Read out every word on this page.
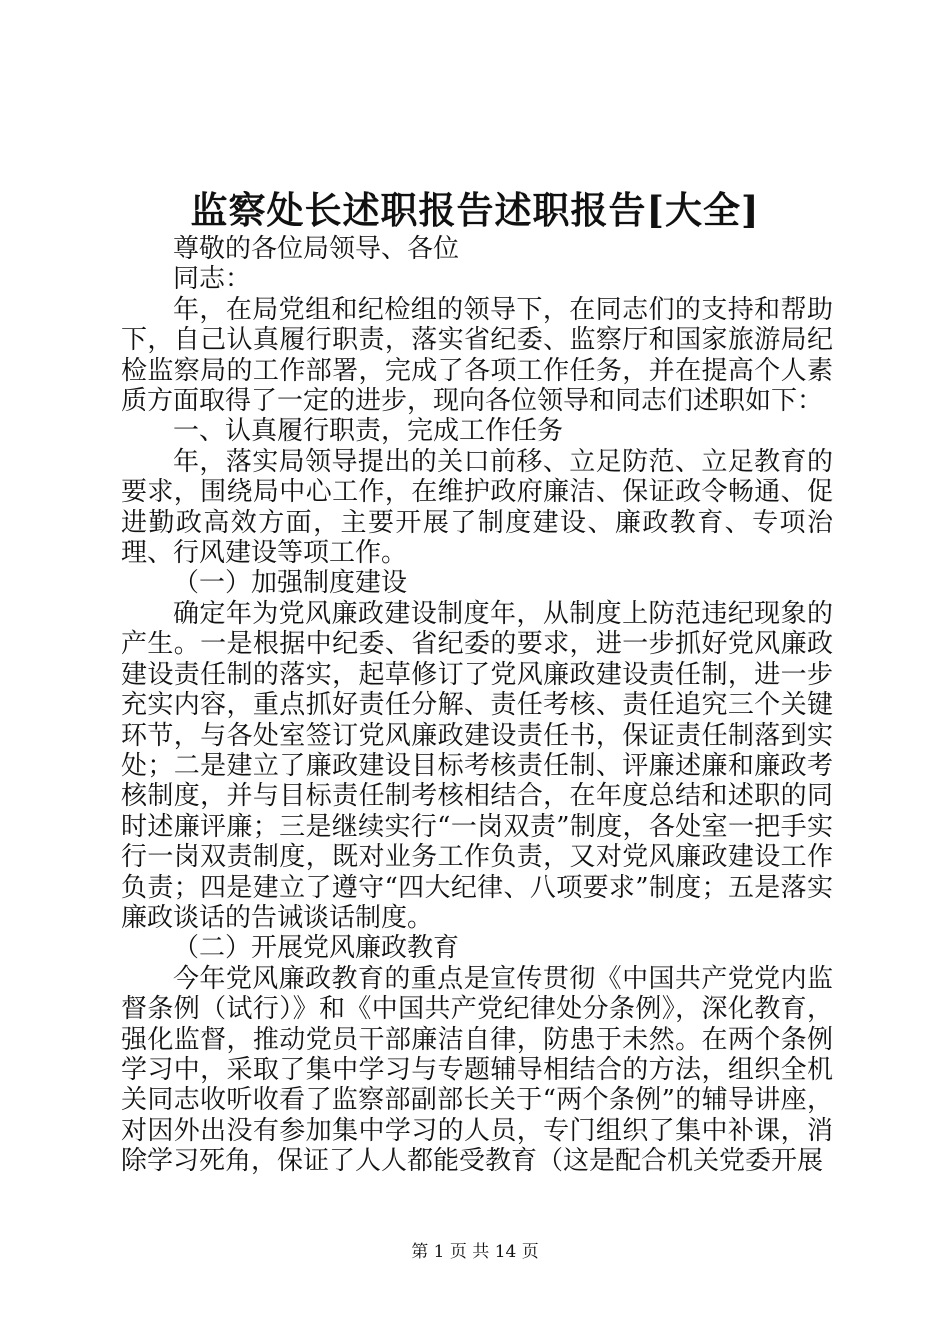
监察处长述职报告述职报告[大全]

尊敬的各位局领导、各位

同志：

年，在局党组和纪检组的领导下，在同志们的支持和帮助下，自己认真履行职责，落实省纪委、监察厅和国家旅游局纪检监察局的工作部署，完成了各项工作任务，并在提高个人素质方面取得了一定的进步，现向各位领导和同志们述职如下：

一、认真履行职责，完成工作任务

年，落实局领导提出的关口前移、立足防范、立足教育的要求，围绕局中心工作，在维护政府廉洁、保证政令畅通、促进勤政高效方面，主要开展了制度建设、廉政教育、专项治理、行风建设等项工作。

（一）加强制度建设

确定年为党风廉政建设制度年，从制度上防范违纪现象的产生。一是根据中纪委、省纪委的要求，进一步抓好党风廉政建设责任制的落实，起草修订了党风廉政建设责任制，进一步充实内容，重点抓好责任分解、责任考核、责任追究三个关键环节，与各处室签订党风廉政建设责任书，保证责任制落到实处；二是建立了廉政建设目标考核责任制、评廉述廉和廉政考核制度，并与目标责任制考核相结合，在年度总结和述职的同时述廉评廉；三是继续实行“一岗双责”制度，各处室一把手实行一岗双责制度，既对业务工作负责，又对党风廉政建设工作负责；四是建立了遵守“四大纪律、八项要求”制度；五是落实廉政谈话的告诫谈话制度。

（二）开展党风廉政教育

今年党风廉政教育的重点是宣传贯彻《中国共产党党内监督条例（试行）》和《中国共产党纪律处分条例》，深化教育，强化监督，推动党员干部廉洁自律，防患于未然。在两个条例学习中，采取了集中学习与专题辅导相结合的方法，组织全机关同志收听收看了监察部副部长关于“两个条例”的辅导讲座，对因外出没有参加集中学习的人员，专门组织了集中补课，消除学习死角，保证了人人都能受教育（这是配合机关党委开展

第 1 页 共 14 页
